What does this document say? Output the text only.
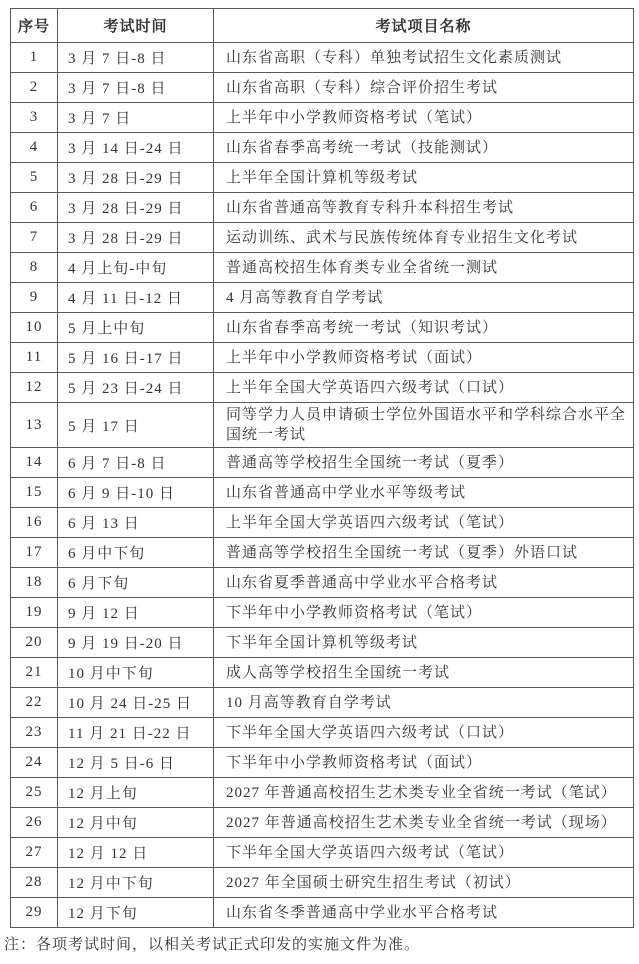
序号	考试时间	考试项目名称
1	3 月 7 日-8 日	山东省高职（专科）单独考试招生文化素质测试
2	3 月 7 日-8 日	山东省高职（专科）综合评价招生考试
3	3 月 7 日	上半年中小学教师资格考试（笔试）
4	3 月 14 日-24 日	山东省春季高考统一考试（技能测试）
5	3 月 28 日-29 日	上半年全国计算机等级考试
6	3 月 28 日-29 日	山东省普通高等教育专科升本科招生考试
7	3 月 28 日-29 日	运动训练、武术与民族传统体育专业招生文化考试
8	4 月上旬-中旬	普通高校招生体育类专业全省统一测试
9	4 月 11 日-12 日	4 月高等教育自学考试
10	5 月上中旬	山东省春季高考统一考试（知识考试）
11	5 月 16 日-17 日	上半年中小学教师资格考试（面试）
12	5 月 23 日-24 日	上半年全国大学英语四六级考试（口试）
13	5 月 17 日	同等学力人员申请硕士学位外国语水平和学科综合水平全国统一考试
14	6 月 7 日-8 日	普通高等学校招生全国统一考试（夏季）
15	6 月 9 日-10 日	山东省普通高中学业水平等级考试
16	6 月 13 日	上半年全国大学英语四六级考试（笔试）
17	6 月中下旬	普通高等学校招生全国统一考试（夏季）外语口试
18	6 月下旬	山东省夏季普通高中学业水平合格考试
19	9 月 12 日	下半年中小学教师资格考试（笔试）
20	9 月 19 日-20 日	下半年全国计算机等级考试
21	10 月中下旬	成人高等学校招生全国统一考试
22	10 月 24 日-25 日	10 月高等教育自学考试
23	11 月 21 日-22 日	下半年全国大学英语四六级考试（口试）
24	12 月 5 日-6 日	下半年中小学教师资格考试（面试）
25	12 月上旬	2027 年普通高校招生艺术类专业全省统一考试（笔试）
26	12 月中旬	2027 年普通高校招生艺术类专业全省统一考试（现场）
27	12 月 12 日	下半年全国大学英语四六级考试（笔试）
28	12 月中下旬	2027 年全国硕士研究生招生考试（初试）
29	12 月下旬	山东省冬季普通高中学业水平合格考试
注：各项考试时间，以相关考试正式印发的实施文件为准。
